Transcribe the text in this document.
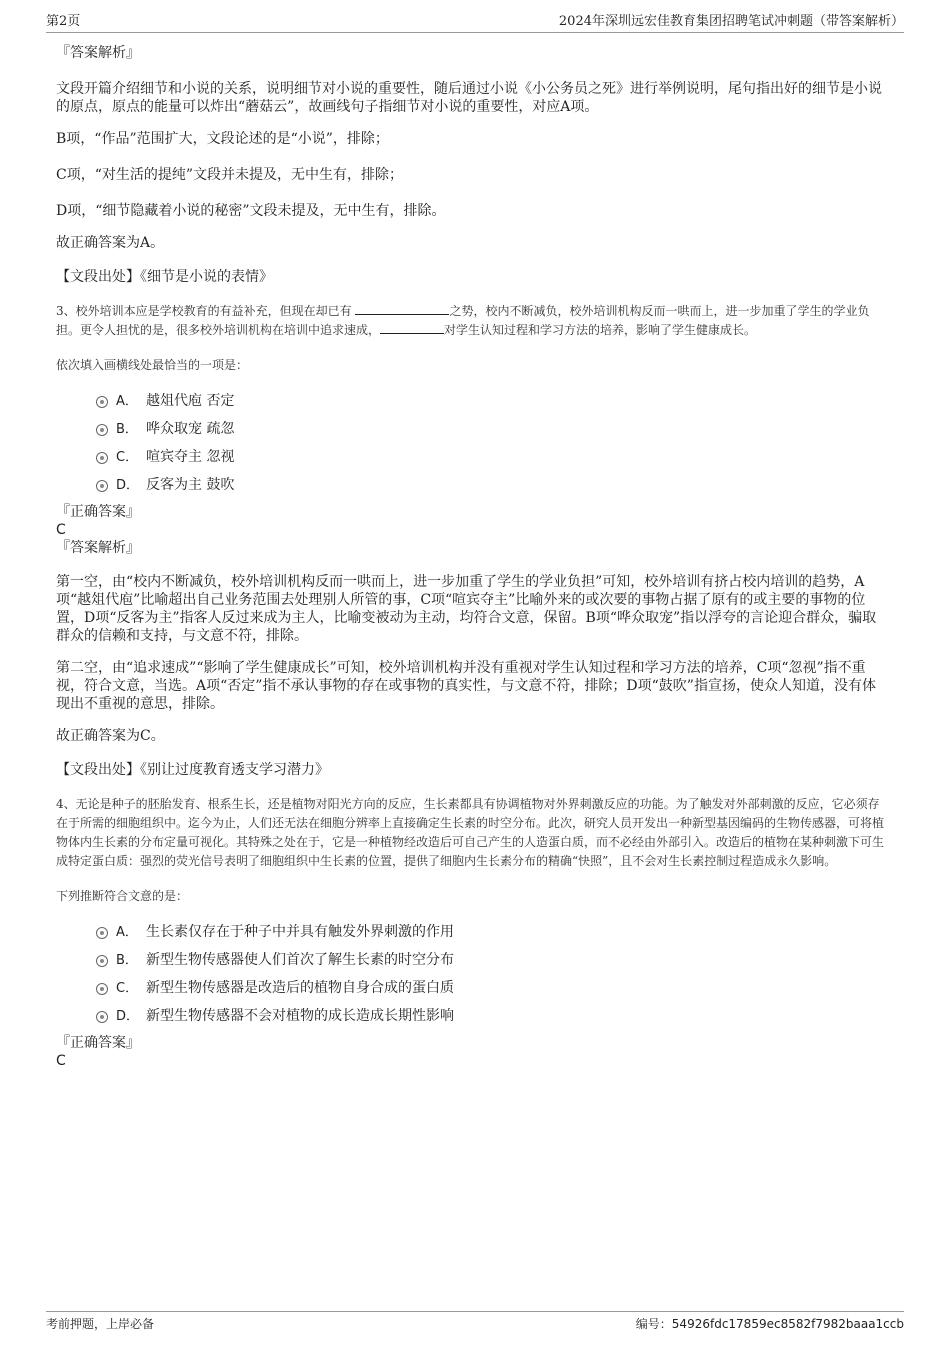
第2页	2024年深圳远宏佳教育集团招聘笔试冲刺题（带答案解析）

『答案解析』

文段开篇介绍细节和小说的关系，说明细节对小说的重要性，随后通过小说《小公务员之死》进行举例说明，尾句指出好的细节是小说的原点，原点的能量可以炸出“蘑菇云”，故画线句子指细节对小说的重要性，对应A项。

B项，“作品”范围扩大，文段论述的是“小说”，排除；

C项，“对生活的提纯”文段并未提及，无中生有，排除；

D项，“细节隐藏着小说的秘密”文段未提及，无中生有，排除。

故正确答案为A。

【文段出处】《细节是小说的表情》

3、校外培训本应是学校教育的有益补充，但现在却已有	之势，校内不断减负，校外培训机构反而一哄而上，进一步加重了学生的学业负担。更令人担忧的是，很多校外培训机构在培训中追求速成，	对学生认知过程和学习方法的培养，影响了学生健康成长。

依次填入画横线处最恰当的一项是：

A． 越俎代庖 否定
B． 哗众取宠 疏忽
C． 喧宾夺主 忽视
D． 反客为主 鼓吹

『正确答案』

C

『答案解析』

第一空，由“校内不断减负，校外培训机构反而一哄而上，进一步加重了学生的学业负担”可知，校外培训有挤占校内培训的趋势，A项“越俎代庖”比喻超出自己业务范围去处理别人所管的事，C项“喧宾夺主”比喻外来的或次要的事物占据了原有的或主要的事物的位置，D项“反客为主”指客人反过来成为主人，比喻变被动为主动，均符合文意，保留。B项“哗众取宠”指以浮夸的言论迎合群众，骗取群众的信赖和支持，与文意不符，排除。

第二空，由“追求速成”“影响了学生健康成长”可知，校外培训机构并没有重视对学生认知过程和学习方法的培养，C项“忽视”指不重视，符合文意，当选。A项“否定”指不承认事物的存在或事物的真实性，与文意不符，排除；D项“鼓吹”指宣扬，使众人知道，没有体现出不重视的意思，排除。

故正确答案为C。

【文段出处】《别让过度教育透支学习潜力》

4、无论是种子的胚胎发育、根系生长，还是植物对阳光方向的反应，生长素都具有协调植物对外界刺激反应的功能。为了触发对外部刺激的反应，它必须存在于所需的细胞组织中。迄今为止，人们还无法在细胞分辨率上直接确定生长素的时空分布。此次，研究人员开发出一种新型基因编码的生物传感器，可将植物体内生长素的分布定量可视化。其特殊之处在于，它是一种植物经改造后可自己产生的人造蛋白质，而不必经由外部引入。改造后的植物在某种刺激下可生成特定蛋白质：强烈的荧光信号表明了细胞组织中生长素的位置，提供了细胞内生长素分布的精确“快照”，且不会对生长素控制过程造成永久影响。

下列推断符合文意的是：

A． 生长素仅存在于种子中并具有触发外界刺激的作用
B． 新型生物传感器使人们首次了解生长素的时空分布
C． 新型生物传感器是改造后的植物自身合成的蛋白质
D． 新型生物传感器不会对植物的成长造成长期性影响

『正确答案』

C

考前押题，上岸必备	编号：54926fdc17859ec8582f7982baaa1ccb
